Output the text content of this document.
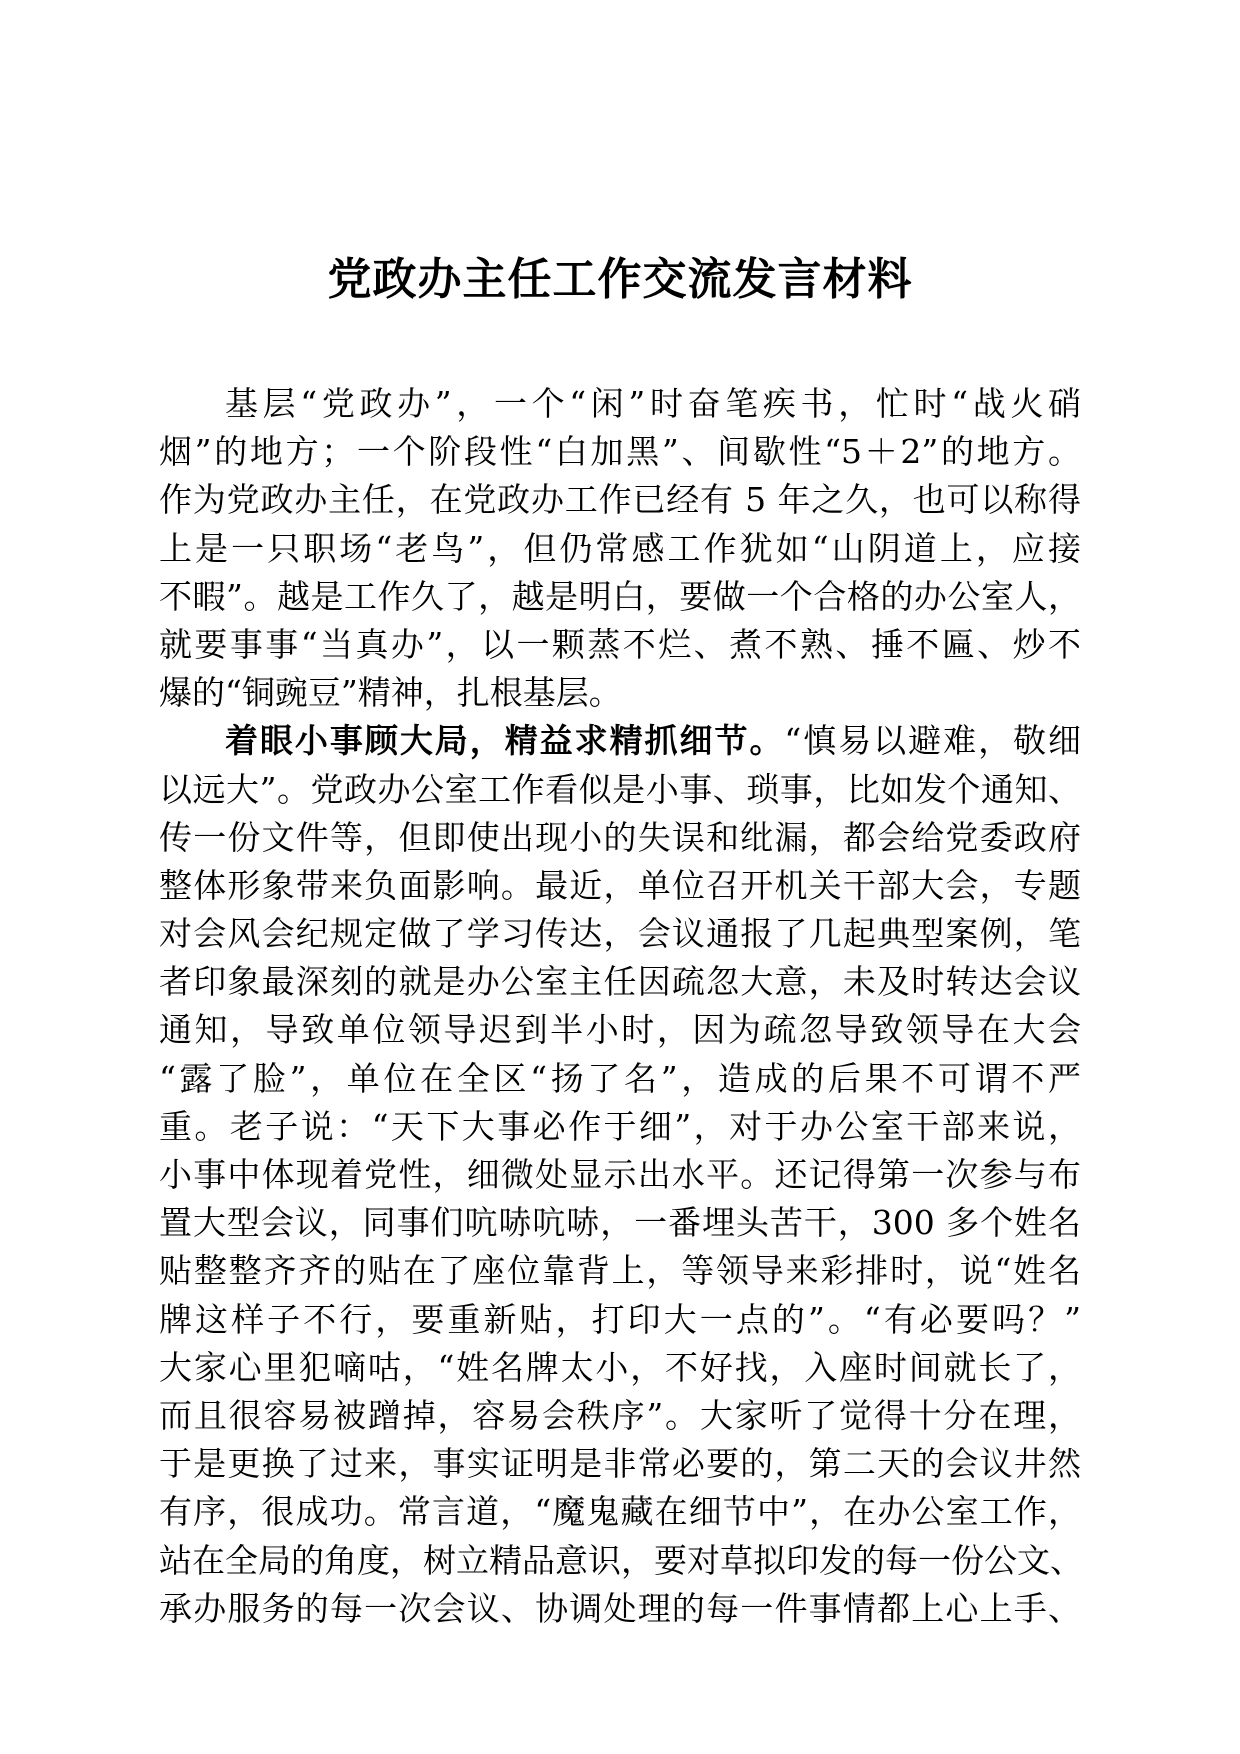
党政办主任工作交流发言材料
基层“党政办”，一个“闲”时奋笔疾书，忙时“战火硝
烟”的地方；一个阶段性“白加黑”、间歇性“5＋2”的地方。
作为党政办主任，在党政办工作已经有 5 年之久，也可以称得
上是一只职场“老鸟”，但仍常感工作犹如“山阴道上，应接
不暇”。越是工作久了，越是明白，要做一个合格的办公室人，
就要事事“当真办”，以一颗蒸不烂、煮不熟、捶不匾、炒不
爆的“铜豌豆”精神，扎根基层。
着眼小事顾大局，精益求精抓细节。“慎易以避难，敬细
以远大”。党政办公室工作看似是小事、琐事，比如发个通知、
传一份文件等，但即使出现小的失误和纰漏，都会给党委政府
整体形象带来负面影响。最近，单位召开机关干部大会，专题
对会风会纪规定做了学习传达，会议通报了几起典型案例，笔
者印象最深刻的就是办公室主任因疏忽大意，未及时转达会议
通知，导致单位领导迟到半小时，因为疏忽导致领导在大会
“露了脸”，单位在全区“扬了名”，造成的后果不可谓不严
重。老子说：“天下大事必作于细”，对于办公室干部来说，
小事中体现着党性，细微处显示出水平。还记得第一次参与布
置大型会议，同事们吭哧吭哧，一番埋头苦干，300 多个姓名
贴整整齐齐的贴在了座位靠背上，等领导来彩排时，说“姓名
牌这样子不行，要重新贴，打印大一点的”。“有必要吗？”
大家心里犯嘀咕，“姓名牌太小，不好找，入座时间就长了，
而且很容易被蹭掉，容易会秩序”。大家听了觉得十分在理，
于是更换了过来，事实证明是非常必要的，第二天的会议井然
有序，很成功。常言道，“魔鬼藏在细节中”，在办公室工作，
站在全局的角度，树立精品意识，要对草拟印发的每一份公文、
承办服务的每一次会议、协调处理的每一件事情都上心上手、
